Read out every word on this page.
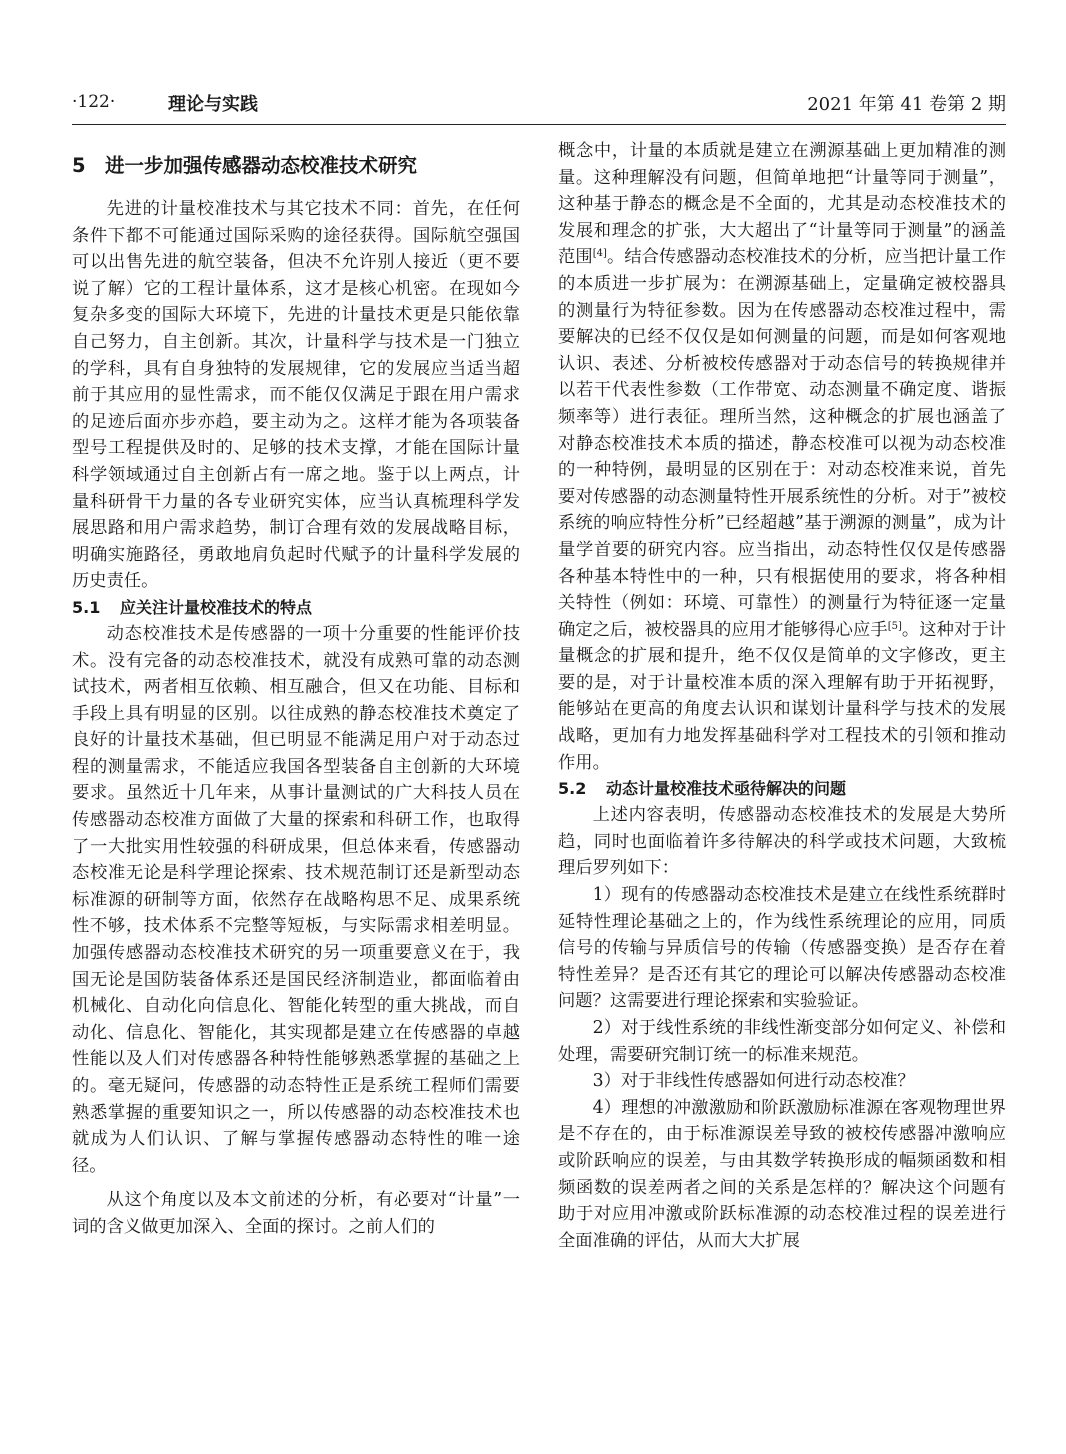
·122·	理论与实践	2021 年第 41 卷第 2 期
5 进一步加强传感器动态校准技术研究

先进的计量校准技术与其它技术不同：首先，在任何条件下都不可能通过国际采购的途径获得。国际航空强国可以出售先进的航空装备，但决不允许别人接近（更不要说了解）它的工程计量体系，这才是核心机密。在现如今复杂多变的国际大环境下，先进的计量技术更是只能依靠自己努力，自主创新。其次，计量科学与技术是一门独立的学科，具有自身独特的发展规律，它的发展应当适当超前于其应用的显性需求，而不能仅仅满足于跟在用户需求的足迹后面亦步亦趋，要主动为之。这样才能为各项装备型号工程提供及时的、足够的技术支撑，才能在国际计量科学领域通过自主创新占有一席之地。鉴于以上两点，计量科研骨干力量的各专业研究实体，应当认真梳理科学发展思路和用户需求趋势，制订合理有效的发展战略目标，明确实施路径，勇敢地肩负起时代赋予的计量科学发展的历史责任。

5.1 应关注计量校准技术的特点

动态校准技术是传感器的一项十分重要的性能评价技术。没有完备的动态校准技术，就没有成熟可靠的动态测试技术，两者相互依赖、相互融合，但又在功能、目标和手段上具有明显的区别。以往成熟的静态校准技术奠定了良好的计量技术基础，但已明显不能满足用户对于动态过程的测量需求，不能适应我国各型装备自主创新的大环境要求。虽然近十几年来，从事计量测试的广大科技人员在传感器动态校准方面做了大量的探索和科研工作，也取得了一大批实用性较强的科研成果，但总体来看，传感器动态校准无论是科学理论探索、技术规范制订还是新型动态标准源的研制等方面，依然存在战略构思不足、成果系统性不够，技术体系不完整等短板，与实际需求相差明显。加强传感器动态校准技术研究的另一项重要意义在于，我国无论是国防装备体系还是国民经济制造业，都面临着由机械化、自动化向信息化、智能化转型的重大挑战，而自动化、信息化、智能化，其实现都是建立在传感器的卓越性能以及人们对传感器各种特性能够熟悉掌握的基础之上的。毫无疑问，传感器的动态特性正是系统工程师们需要熟悉掌握的重要知识之一，所以传感器的动态校准技术也就成为人们认识、了解与掌握传感器动态特性的唯一途径。

从这个角度以及本文前述的分析，有必要对“计量”一词的含义做更加深入、全面的探讨。之前人们的

概念中，计量的本质就是建立在溯源基础上更加精准的测量。这种理解没有问题，但简单地把“计量等同于测量”，这种基于静态的概念是不全面的，尤其是动态校准技术的发展和理念的扩张，大大超出了“计量等同于测量”的涵盖范围[4]。结合传感器动态校准技术的分析，应当把计量工作的本质进一步扩展为：在溯源基础上，定量确定被校器具的测量行为特征参数。因为在传感器动态校准过程中，需要解决的已经不仅仅是如何测量的问题，而是如何客观地认识、表述、分析被校传感器对于动态信号的转换规律并以若干代表性参数（工作带宽、动态测量不确定度、谐振频率等）进行表征。理所当然，这种概念的扩展也涵盖了对静态校准技术本质的描述，静态校准可以视为动态校准的一种特例，最明显的区别在于：对动态校准来说，首先要对传感器的动态测量特性开展系统性的分析。对于”被校系统的响应特性分析”已经超越”基于溯源的测量”，成为计量学首要的研究内容。应当指出，动态特性仅仅是传感器各种基本特性中的一种，只有根据使用的要求，将各种相关特性（例如：环境、可靠性）的测量行为特征逐一定量确定之后，被校器具的应用才能够得心应手[5]。这种对于计量概念的扩展和提升，绝不仅仅是简单的文字修改，更主要的是，对于计量校准本质的深入理解有助于开拓视野，能够站在更高的角度去认识和谋划计量科学与技术的发展战略，更加有力地发挥基础科学对工程技术的引领和推动作用。

5.2 动态计量校准技术亟待解决的问题

上述内容表明，传感器动态校准技术的发展是大势所趋，同时也面临着许多待解决的科学或技术问题，大致梳理后罗列如下：

1）现有的传感器动态校准技术是建立在线性系统群时延特性理论基础之上的，作为线性系统理论的应用，同质信号的传输与异质信号的传输（传感器变换）是否存在着特性差异？是否还有其它的理论可以解决传感器动态校准问题？这需要进行理论探索和实验验证。

2）对于线性系统的非线性渐变部分如何定义、补偿和处理，需要研究制订统一的标准来规范。

3）对于非线性传感器如何进行动态校准？

4）理想的冲激激励和阶跃激励标准源在客观物理世界是不存在的，由于标准源误差导致的被校传感器冲激响应或阶跃响应的误差，与由其数学转换形成的幅频函数和相频函数的误差两者之间的关系是怎样的？解决这个问题有助于对应用冲激或阶跃标准源的动态校准过程的误差进行全面准确的评估，从而大大扩展
